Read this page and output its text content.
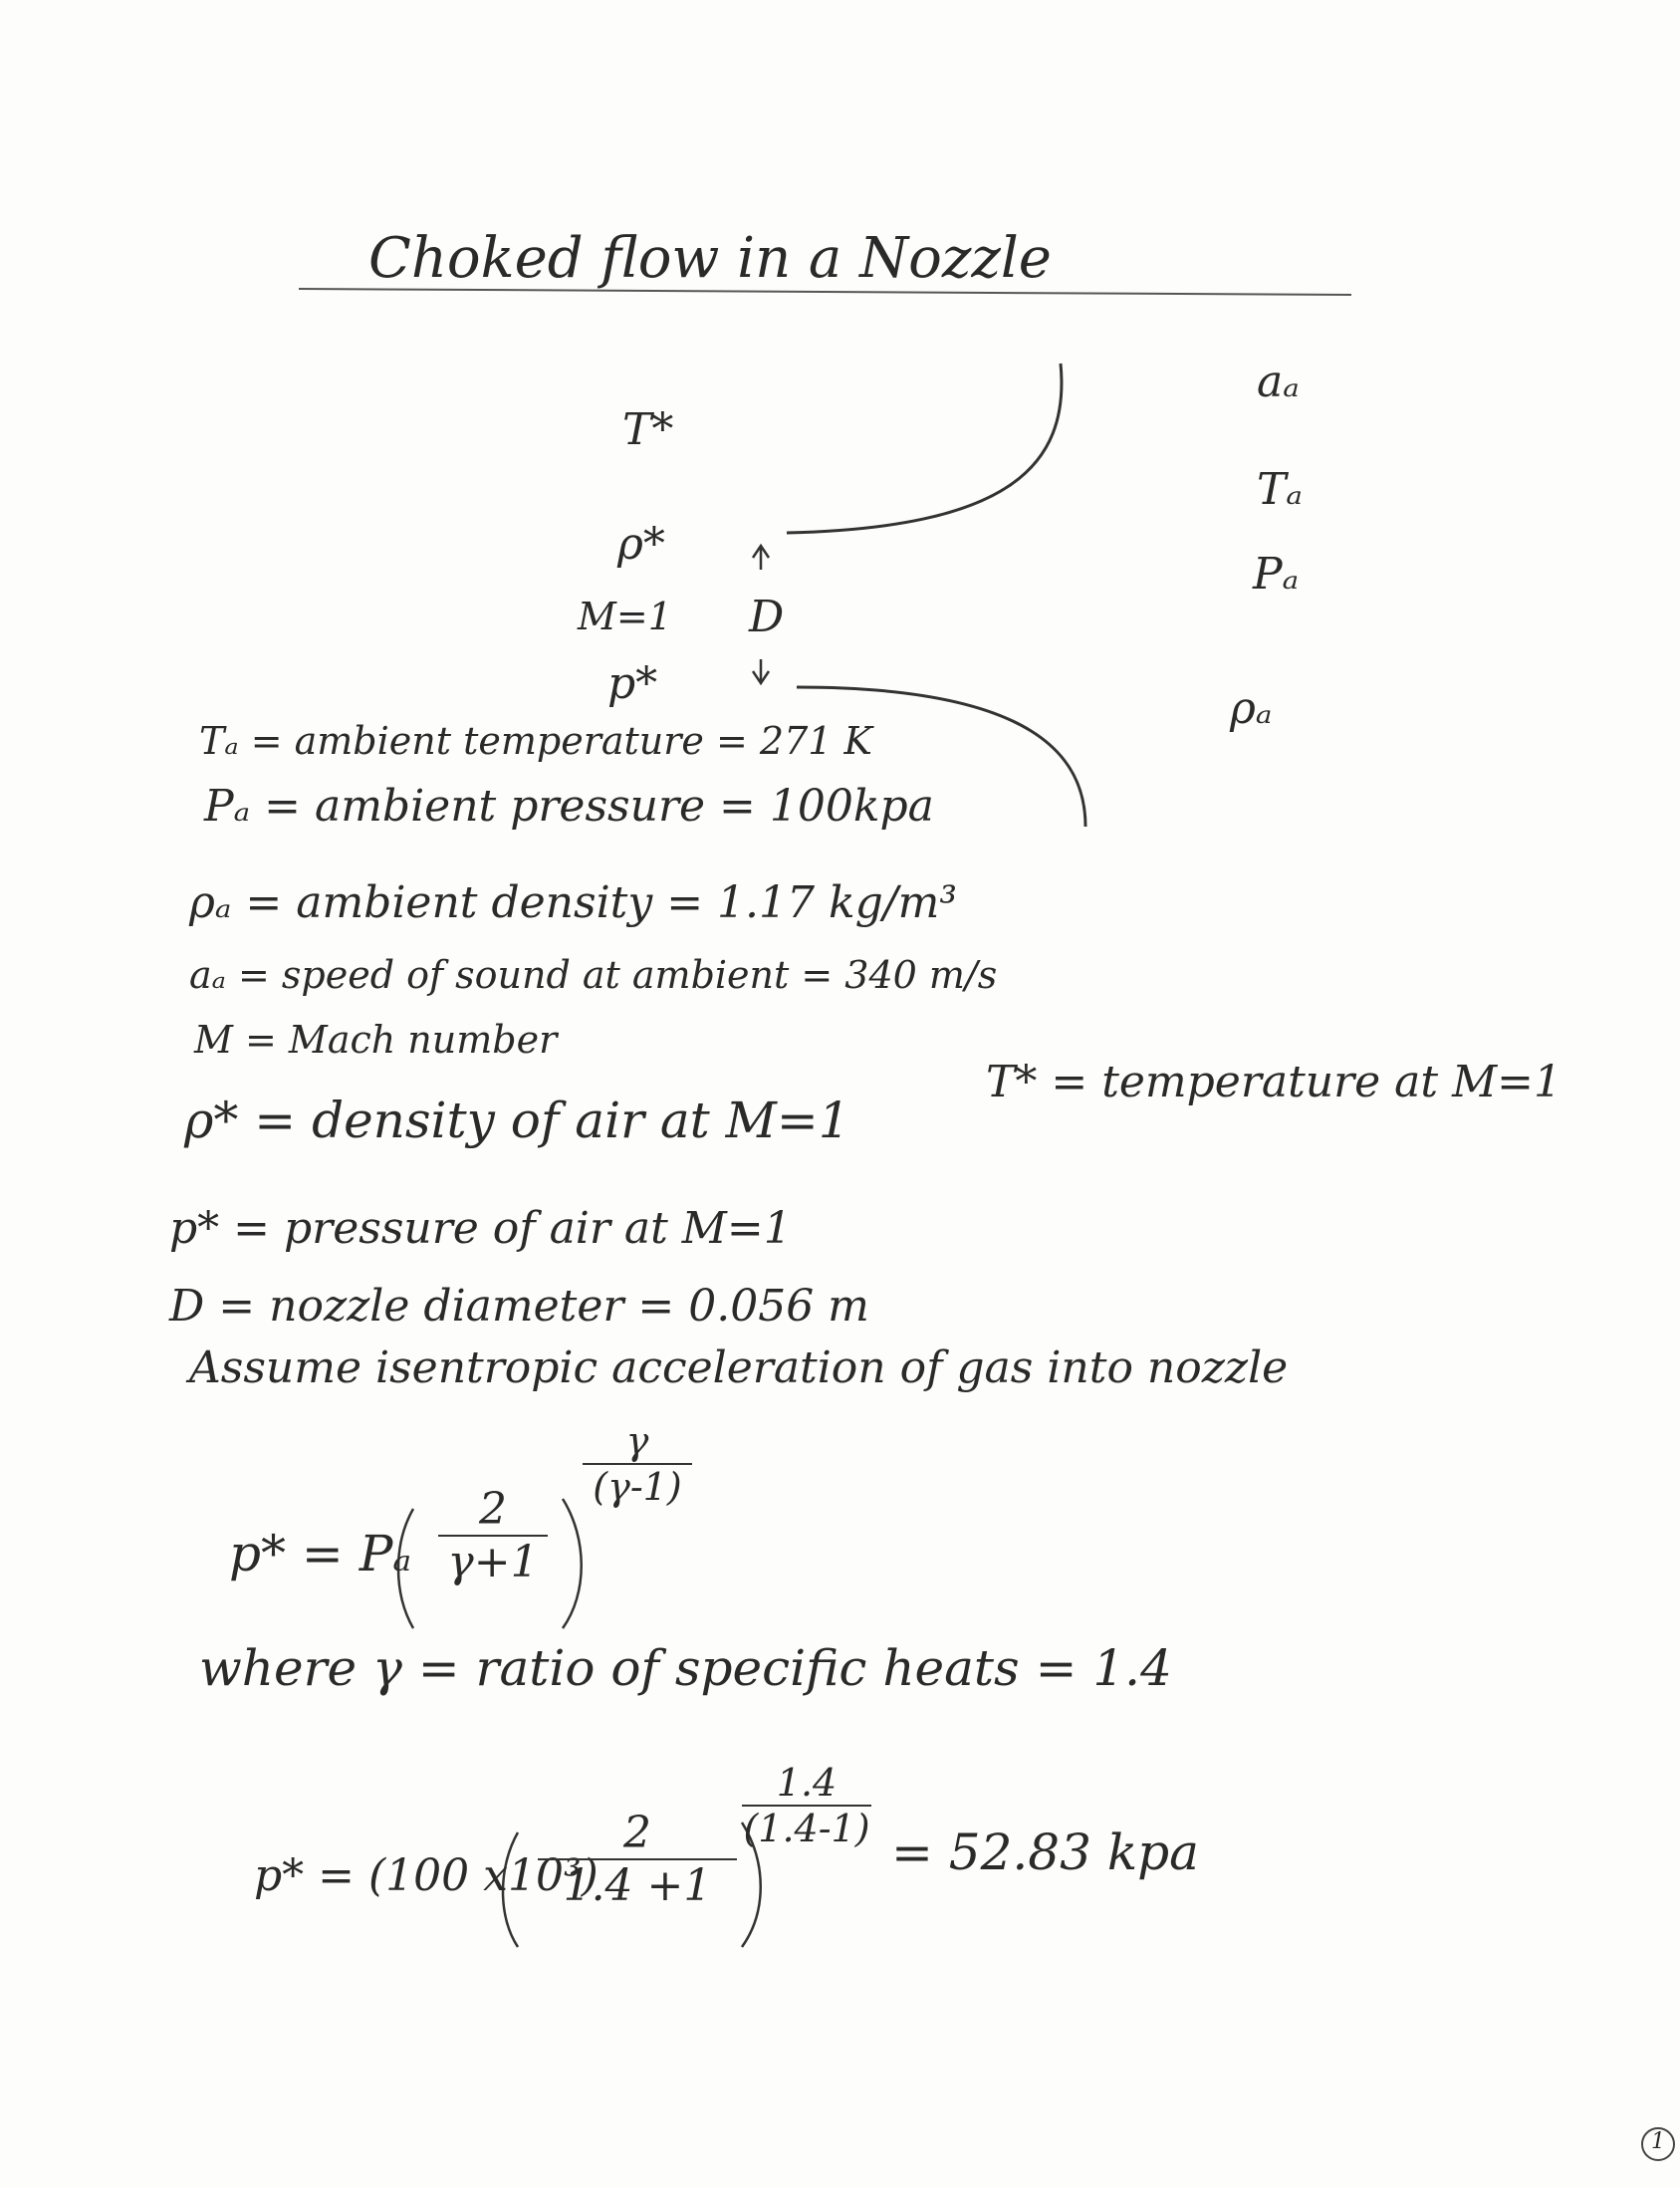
Choked flow in a Nozzle
T*
ρ*
M=1
p*
D
aₐ
Tₐ
Pₐ
ρₐ
Tₐ = ambient temperature = 271 K
Pₐ = ambient pressure = 100kpa
ρₐ = ambient density = 1.17 kg/m³
aₐ = speed of sound at ambient = 340 m/s
M = Mach number
ρ* = density of air at M=1
T* = temperature at M=1
p* = pressure of air at M=1
D = nozzle diameter = 0.056 m
Assume isentropic acceleration of gas into nozzle
p* = Pₐ
2
γ+1
γ
(γ-1)
where γ = ratio of specific heats = 1.4
p* = (100 x10³)
2
1.4 +1
1.4
(1.4-1) = 52.83 kpa
1
